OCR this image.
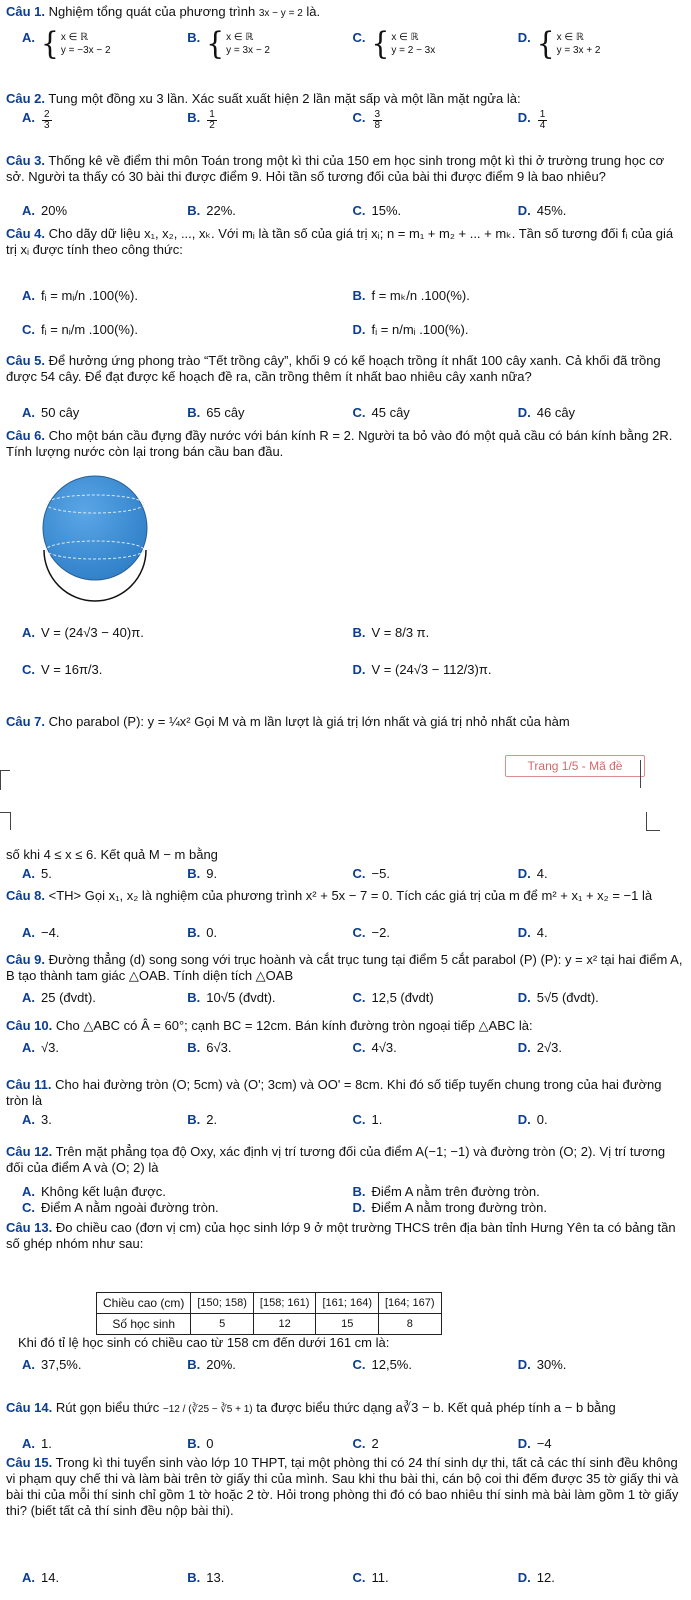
Câu 1. Nghiệm tổng quát của phương trình 3x − y = 2 là.
A. { x ∈ ℝ
y = −3x − 2
B. { x ∈ ℝ
y = 3x − 2
C. { x ∈ ℝ
y = 2 − 3x
D. { x ∈ ℝ
y = 3x + 2
Câu 2. Tung một đồng xu 3 lần. Xác suất xuất hiện 2 lần mặt sấp và một lần mặt ngửa là:
A. $\frac{2}{3}$	B. $\frac{1}{2}$	C. $\frac{3}{8}$	D. $\frac{1}{4}$
Câu 3. Thống kê về điểm thi môn Toán trong một kì thi của 150 em học sinh trong một kì thi ở trường trung học cơ sở. Người ta thấy có 30 bài thi được điểm 9. Hỏi tần số tương đối của bài thi được điểm 9 là bao nhiêu?
A. 20%	B. 22%.	C. 15%.	D. 45%.
Câu 4. Cho dãy dữ liệu x₁, x₂, ..., xₖ. Với mᵢ là tần số của giá trị xᵢ; n = m₁ + m₂ + ... + mₖ. Tần số tương đối fᵢ của giá trị xᵢ được tính theo công thức:
A. fᵢ = mᵢ/n .100(%).	B. f = mₖ/n .100(%).
C. fᵢ = nᵢ/m .100(%).	D. fᵢ = n/mᵢ .100(%).
Câu 5. Để hưởng ứng phong trào “Tết trồng cây”, khối 9 có kế hoạch trồng ít nhất 100 cây xanh. Cả khối đã trồng được 54 cây. Để đạt được kế hoạch đề ra, cần trồng thêm ít nhất bao nhiêu cây xanh nữa?
A. 50 cây	B. 65 cây	C. 45 cây	D. 46 cây
Câu 6. Cho một bán cầu đựng đầy nước với bán kính R = 2. Người ta bỏ vào đó một quả cầu có bán kính bằng 2R. Tính lượng nước còn lại trong bán cầu ban đầu.
A. V = (24√3 − 40)π.	B. V = 8/3 π.
C. V = 16π/3.	D. V = (24√3 − 112/3)π.
Câu 7. Cho parabol (P): y = ¼x² Gọi M và m lần lượt là giá trị lớn nhất và giá trị nhỏ nhất của hàm
Trang 1/5 - Mã đề
số khi 4 ≤ x ≤ 6. Kết quả M − m bằng
A. 5.	B. 9.	C. −5.	D. 4.
Câu 8. <TH> Gọi x₁, x₂ là nghiệm của phương trình x² + 5x − 7 = 0. Tích các giá trị của m để m² + x₁ + x₂ = −1 là
A. −4.	B. 0.	C. −2.	D. 4.
Câu 9. Đường thẳng (d) song song với trục hoành và cắt trục tung tại điểm 5 cắt parabol (P) (P): y = x² tại hai điểm A, B tạo thành tam giác △OAB. Tính diện tích △OAB
A. 25 (đvdt).	B. 10√5 (đvdt).	C. 12,5 (đvdt)	D. 5√5 (đvdt).
Câu 10. Cho △ABC có Â = 60°; cạnh BC = 12cm. Bán kính đường tròn ngoại tiếp △ABC là:
A. √3.	B. 6√3.	C. 4√3.	D. 2√3.
Câu 11. Cho hai đường tròn (O; 5cm) và (O'; 3cm) và OO' = 8cm. Khi đó số tiếp tuyến chung trong của hai đường tròn là
A. 3.	B. 2.	C. 1.	D. 0.
Câu 12. Trên mặt phẳng tọa độ Oxy, xác định vị trí tương đối của điểm A(−1; −1) và đường tròn (O; 2). Vị trí tương đối của điểm A và (O; 2) là
A. Không kết luận được.	B. Điểm A nằm trên đường tròn.
C. Điểm A nằm ngoài đường tròn.	D. Điểm A nằm trong đường tròn.
Câu 13. Đo chiều cao (đơn vị cm) của học sinh lớp 9 ở một trường THCS trên địa bàn tỉnh Hưng Yên ta có bảng tần số ghép nhóm như sau:
Chiều cao (cm)	[150; 158)	[158; 161)	[161; 164)	[164; 167)
Số học sinh	5	12	15	8
Khi đó tỉ lệ học sinh có chiều cao từ 158 cm đến dưới 161 cm là:
A. 37,5%.	B. 20%.	C. 12,5%.	D. 30%.
Câu 14. Rút gọn biểu thức −12 / (∛25 − ∛5 + 1) ta được biểu thức dạng a∛3 − b. Kết quả phép tính a − b bằng
A. 1.	B. 0	C. 2	D. −4
Câu 15. Trong kì thi tuyển sinh vào lớp 10 THPT, tại một phòng thi có 24 thí sinh dự thi, tất cả các thí sinh đều không vi phạm quy chế thi và làm bài trên tờ giấy thi của mình. Sau khi thu bài thi, cán bộ coi thi đếm được 35 tờ giấy thi và bài thi của mỗi thí sinh chỉ gồm 1 tờ hoặc 2 tờ. Hỏi trong phòng thi đó có bao nhiêu thí sinh mà bài làm gồm 1 tờ giấy thi? (biết tất cả thí sinh đều nộp bài thi).
A. 14.	B. 13.	C. 11.	D. 12.
